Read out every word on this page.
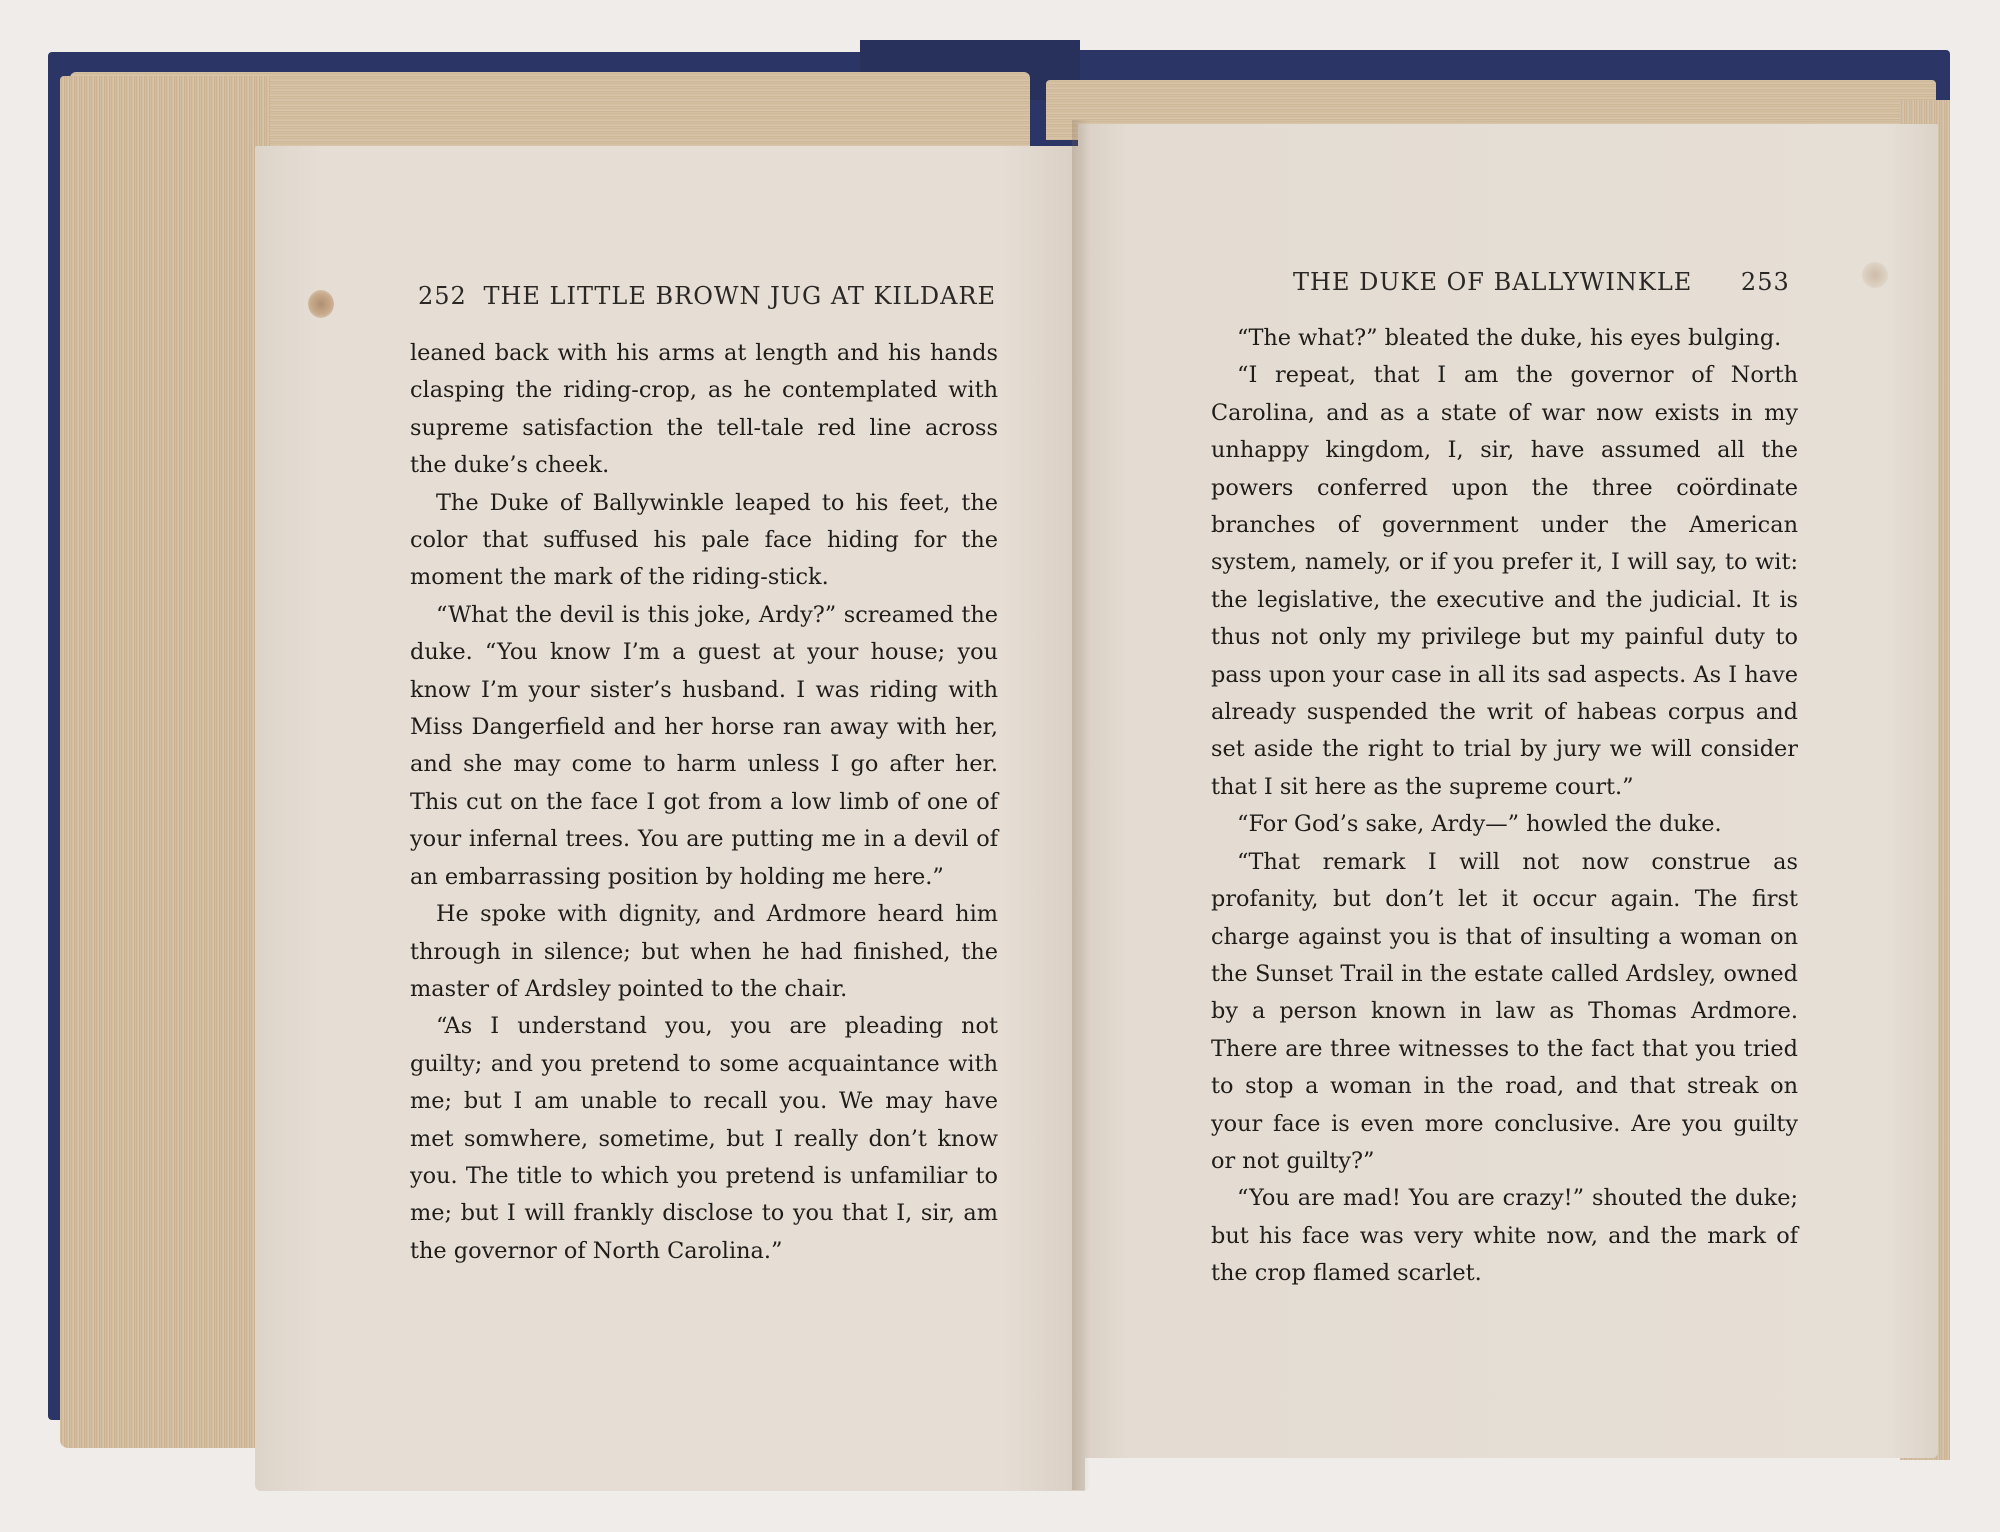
252 THE LITTLE BROWN JUG AT KILDARE	THE DUKE OF BALLYWINKLE 253

leaned back with his arms at length and his hands clasping the riding-crop, as he contemplated with supreme satisfaction the tell-tale red line across the duke’s cheek.

The Duke of Ballywinkle leaped to his feet, the color that suffused his pale face hiding for the moment the mark of the riding-stick.

“What the devil is this joke, Ardy?” screamed the duke. “You know I’m a guest at your house; you know I’m your sister’s husband. I was riding with Miss Dangerfield and her horse ran away with her, and she may come to harm unless I go after her. This cut on the face I got from a low limb of one of your infernal trees. You are putting me in a devil of an embarrassing position by holding me here.”

He spoke with dignity, and Ardmore heard him through in silence; but when he had finished, the master of Ardsley pointed to the chair.

“As I understand you, you are pleading not guilty; and you pretend to some acquaintance with me; but I am unable to recall you. We may have met somwhere, sometime, but I really don’t know you. The title to which you pretend is unfamiliar to me; but I will frankly disclose to you that I, sir, am the governor of North Carolina.”

“The what?” bleated the duke, his eyes bulging.

“I repeat, that I am the governor of North Carolina, and as a state of war now exists in my unhappy kingdom, I, sir, have assumed all the powers conferred upon the three coördinate branches of government under the American system, namely, or if you prefer it, I will say, to wit: the legislative, the executive and the judicial. It is thus not only my privilege but my painful duty to pass upon your case in all its sad aspects. As I have already suspended the writ of habeas corpus and set aside the right to trial by jury we will consider that I sit here as the supreme court.”

“For God’s sake, Ardy—” howled the duke.

“That remark I will not now construe as profanity, but don’t let it occur again. The first charge against you is that of insulting a woman on the Sunset Trail in the estate called Ardsley, owned by a person known in law as Thomas Ardmore. There are three witnesses to the fact that you tried to stop a woman in the road, and that streak on your face is even more conclusive. Are you guilty or not guilty?”

“You are mad! You are crazy!” shouted the duke; but his face was very white now, and the mark of the crop flamed scarlet.
